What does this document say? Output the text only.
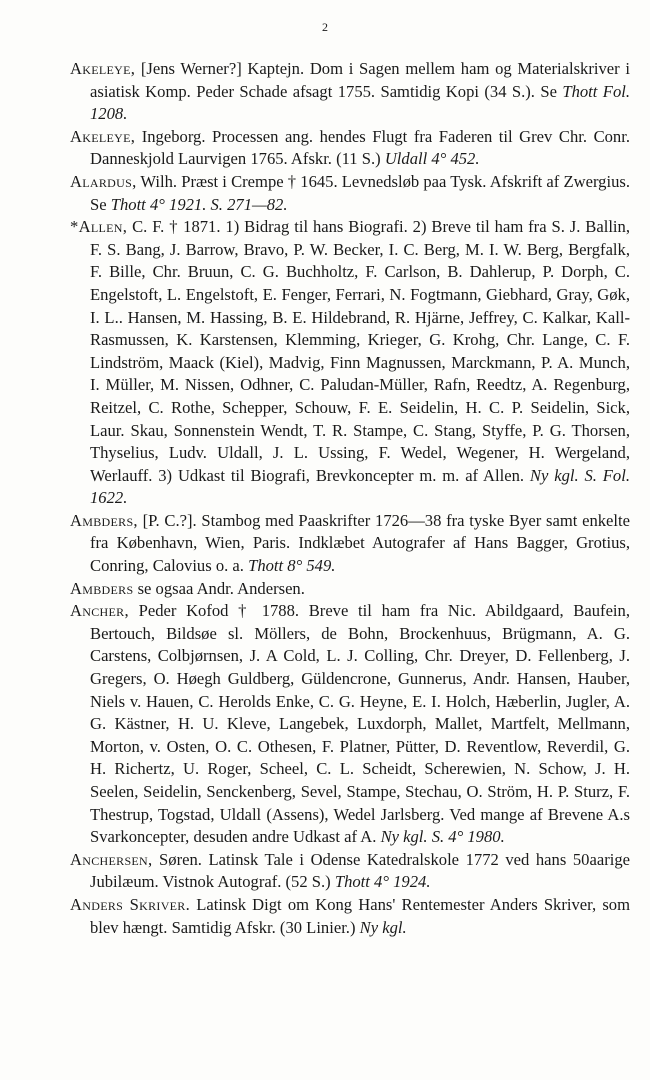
2

Akeleye, [Jens Werner?] Kaptejn. Dom i Sagen mellem ham og Materialskriver i asiatisk Komp. Peder Schade afsagt 1755. Samtidig Kopi (34 S.). Se Thott Fol. 1208.

Akeleye, Ingeborg. Processen ang. hendes Flugt fra Faderen til Grev Chr. Conr. Danneskjold Laurvigen 1765. Afskr. (11 S.) Uldall 4° 452.

Alardus, Wilh. Præst i Crempe † 1645. Levnedsløb paa Tysk. Afskrift af Zwergius. Se Thott 4° 1921. S. 271—82.

*Allen, C. F. † 1871. 1) Bidrag til hans Biografi. 2) Breve til ham fra S. J. Ballin, F. S. Bang, J. Barrow, Bravo, P. W. Becker, I. C. Berg, M. I. W. Berg, Bergfalk, F. Bille, Chr. Bruun, C. G. Buchholtz, F. Carlson, B. Dahlerup, P. Dorph, C. Engelstoft, L. Engelstoft, E. Fenger, Ferrari, N. Fogtmann, Giebhard, Gray, Gøk, I. L.. Hansen, M. Hassing, B. E. Hildebrand, R. Hjärne, Jeffrey, C. Kalkar, Kall-Rasmussen, K. Karstensen, Klemming, Krieger, G. Krohg, Chr. Lange, C. F. Lindström, Maack (Kiel), Madvig, Finn Magnussen, Marckmann, P. A. Munch, I. Müller, M. Nissen, Odhner, C. Paludan-Müller, Rafn, Reedtz, A. Regenburg, Reitzel, C. Rothe, Schepper, Schouw, F. E. Seidelin, H. C. P. Seidelin, Sick, Laur. Skau, Sonnenstein Wendt, T. R. Stampe, C. Stang, Styffe, P. G. Thorsen, Thyselius, Ludv. Uldall, J. L. Ussing, F. Wedel, Wegener, H. Wergeland, Werlauff. 3) Udkast til Biografi, Brevkoncepter m. m. af Allen. Ny kgl. S. Fol. 1622.

Ambders, [P. C.?]. Stambog med Paaskrifter 1726—38 fra tyske Byer samt enkelte fra København, Wien, Paris. Indklæbet Autografer af Hans Bagger, Grotius, Conring, Calovius o. a. Thott 8° 549.

Ambders se ogsaa Andr. Andersen.

Ancher, Peder Kofod † 1788. Breve til ham fra Nic. Abildgaard, Baufein, Bertouch, Bildsøe sl. Möllers, de Bohn, Brockenhuus, Brügmann, A. G. Carstens, Colbjørnsen, J. A Cold, L. J. Colling, Chr. Dreyer, D. Fellenberg, J. Gregers, O. Høegh Guldberg, Güldencrone, Gunnerus, Andr. Hansen, Hauber, Niels v. Hauen, C. Herolds Enke, C. G. Heyne, E. I. Holch, Hæberlin, Jugler, A. G. Kästner, H. U. Kleve, Langebek, Luxdorph, Mallet, Martfelt, Mellmann, Morton, v. Osten, O. C. Othesen, F. Platner, Pütter, D. Reventlow, Reverdil, G. H. Richertz, U. Roger, Scheel, C. L. Scheidt, Scherewien, N. Schow, J. H. Seelen, Seidelin, Senckenberg, Sevel, Stampe, Stechau, O. Ström, H. P. Sturz, F. Thestrup, Togstad, Uldall (Assens), Wedel Jarlsberg. Ved mange af Brevene A.s Svarkoncepter, desuden andre Udkast af A. Ny kgl. S. 4° 1980.

Anchersen, Søren. Latinsk Tale i Odense Katedralskole 1772 ved hans 50aarige Jubilæum. Vistnok Autograf. (52 S.) Thott 4° 1924.

Anders Skriver. Latinsk Digt om Kong Hans' Rentemester Anders Skriver, som blev hængt. Samtidig Afskr. (30 Linier.) Ny kgl.
